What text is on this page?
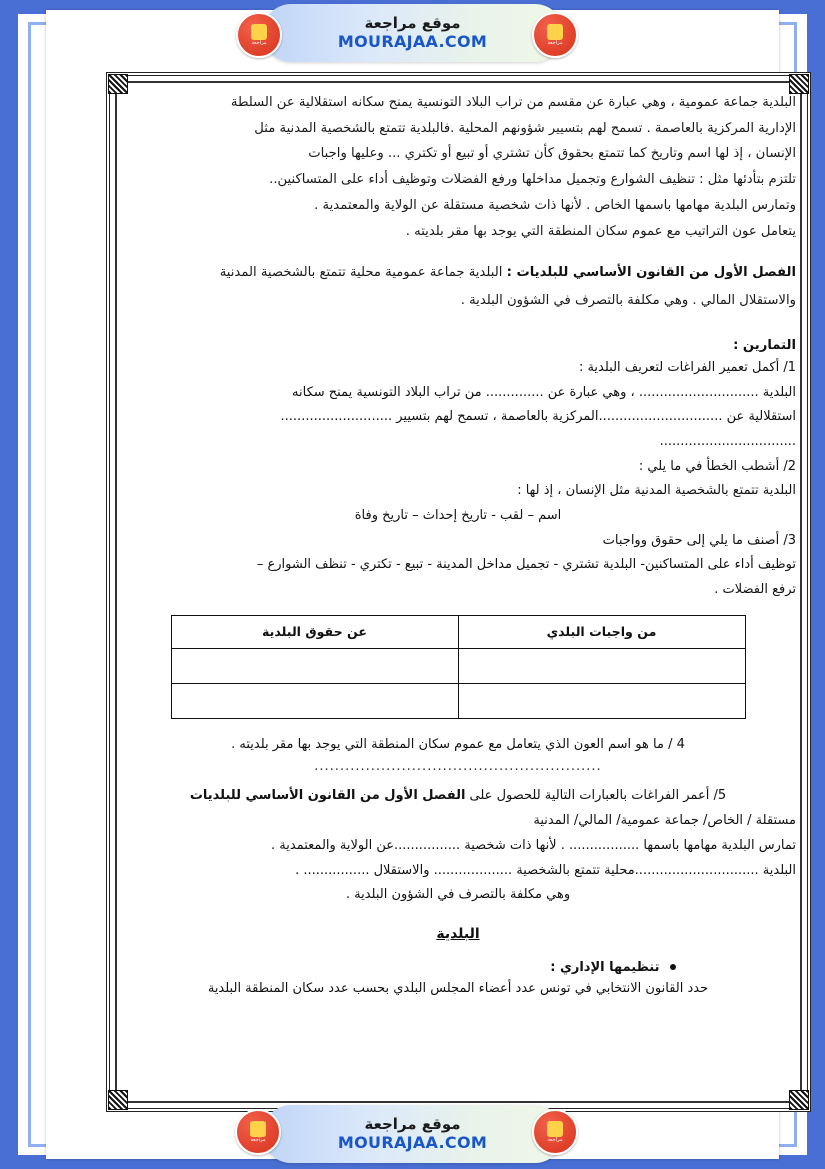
البلدية جماعة عمومية ، وهي عبارة عن مقسم من تراب البلاد التونسية يمنح سكانه استقلالية عن السلطة

الإدارية المركزية بالعاصمة . تسمح لهم بتسيير شؤونهم المحلية .فالبلدية تتمتع بالشخصية المدنية مثل

الإنسان ، إذ لها اسم وتاريخ كما تتمتع بحقوق كأن تشتري أو تبيع أو تكتري ... وعليها واجبات

تلتزم بتأدئها مثل : تنظيف الشوارع وتجميل مداخلها ورفع الفضلات وتوظيف أداء على المتساكنين..

وتمارس البلدية مهامها باسمها الخاص . لأنها ذات شخصية مستقلة عن الولاية والمعتمدية .

يتعامل عون التراتيب مع عموم سكان المنطقة التي يوجد بها مقر بلديته .

الفصل الأول من القانون الأساسي للبلديات : البلدية جماعة عمومية محلية تتمتع بالشخصية المدنية

والاستقلال المالي . وهي مكلفة بالتصرف في الشؤون البلدية .

التمارين :

1/ أكمل تعمير الفراغات لتعريف البلدية :

البلدية ............................. ، وهي عبارة عن .............. من تراب البلاد التونسية يمنح سكانه

استقلالية عن ..............................المركزية بالعاصمة ، تسمح لهم بتسيير ...........................

.................................

2/ أشطب الخطأ في ما يلي :

البلدية تتمتع بالشخصية المدنية مثل الإنسان ، إذ لها :

اسم – لقب - تاريخ إحداث – تاريخ وفاة

3/ أصنف ما يلي إلى حقوق وواجبات

توظيف أداء على المتساكنين- البلدية تشتري - تجميل مداخل المدينة - تبيع - تكتري - تنظف الشوارع –

ترفع الفضلات .

من واجبات البلدي	عن حقوق البلدية

4 / ما هو اسم العون الذي يتعامل مع عموم سكان المنطقة التي يوجد بها مقر بلديته .

........................................................

5/ أعمر الفراغات بالعبارات التالية للحصول على الفصل الأول من القانون الأساسي للبلديات

مستقلة / الخاص/ جماعة عمومية/ المالي/ المدنية

تمارس البلدية مهامها باسمها ................. . لأنها ذات شخصية ................عن الولاية والمعتمدية .

البلدية ..............................محلية تتمتع بالشخصية ................... والاستقلال ................ .

وهي مكلفة بالتصرف في الشؤون البلدية .

البلدية

تنظيمها الإداري :

حدد القانون الانتخابي في تونس عدد أعضاء المجلس البلدي بحسب عدد سكان المنطقة البلدية

موقع مراجعة
MOURAJAA.COM
مراجعة	مراجعة
موقع مراجعة
MOURAJAA.COM
مراجعة	مراجعة
